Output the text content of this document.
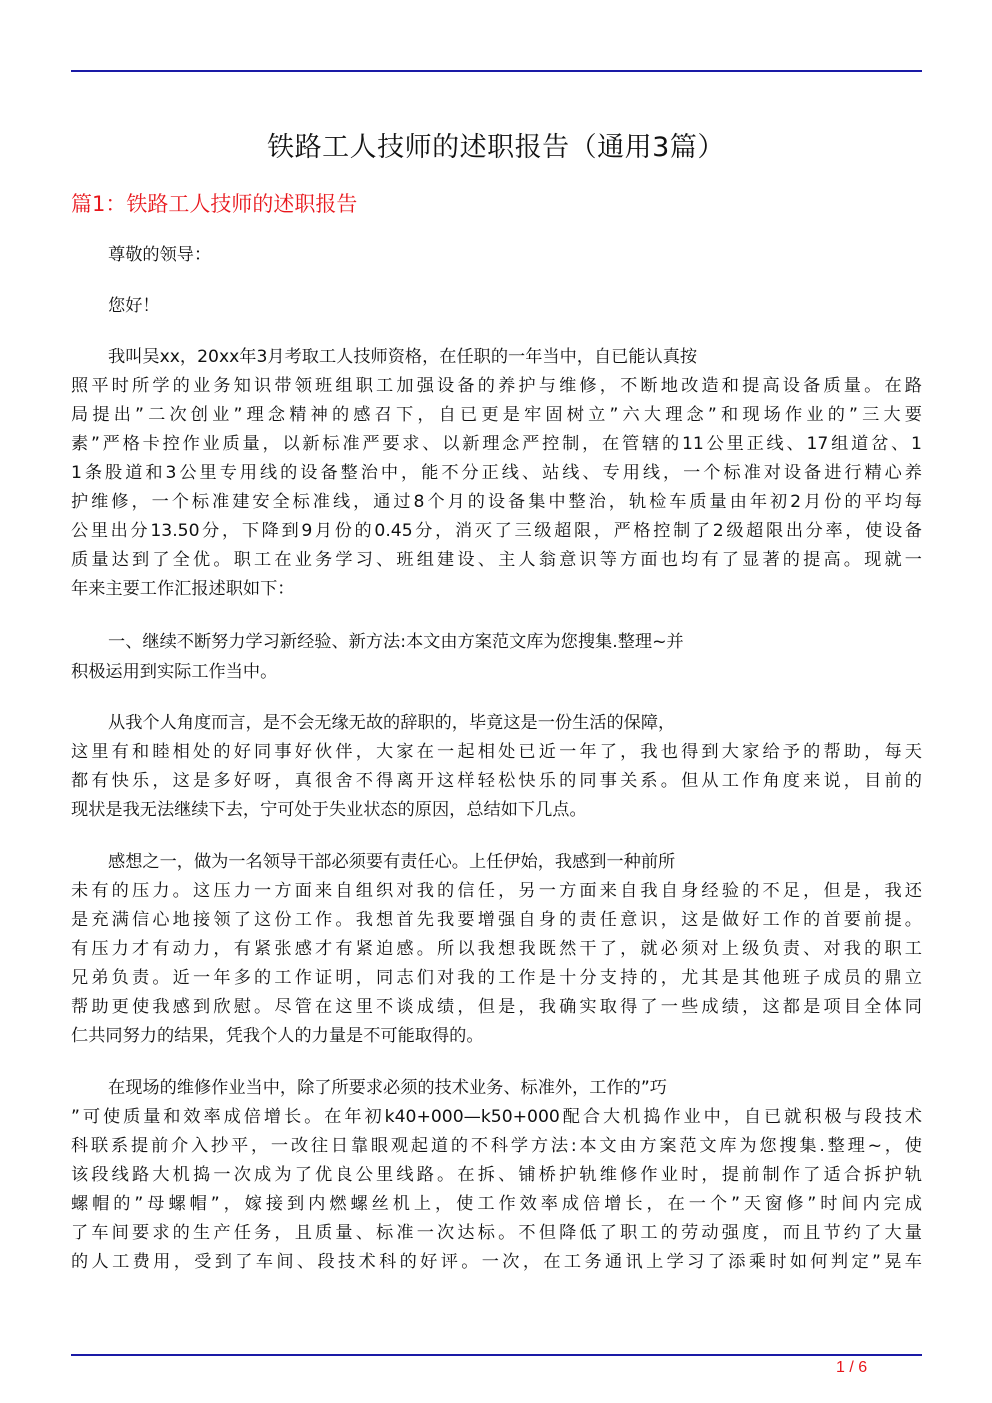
铁路工人技师的述职报告（通用3篇）
篇1：铁路工人技师的述职报告
尊敬的领导：
您好！
我叫吴xx，20xx年3月考取工人技师资格，在任职的一年当中，自已能认真按
照平时所学的业务知识带领班组职工加强设备的养护与维修，不断地改造和提高设备质量。在路
局提出”二次创业”理念精神的感召下，自已更是牢固树立”六大理念”和现场作业的”三大要
素”严格卡控作业质量，以新标准严要求、以新理念严控制，在管辖的11公里正线、17组道岔、1
1条股道和3公里专用线的设备整治中，能不分正线、站线、专用线，一个标准对设备进行精心养
护维修，一个标准建安全标准线，通过8个月的设备集中整治，轨检车质量由年初2月份的平均每
公里出分13.50分，下降到9月份的0.45分，消灭了三级超限，严格控制了2级超限出分率，使设备
质量达到了全优。职工在业务学习、班组建设、主人翁意识等方面也均有了显著的提高。现就一
年来主要工作汇报述职如下：
一、继续不断努力学习新经验、新方法:本文由方案范文库为您搜集.整理~并
积极运用到实际工作当中。
从我个人角度而言，是不会无缘无故的辞职的，毕竟这是一份生活的保障，
这里有和睦相处的好同事好伙伴，大家在一起相处已近一年了，我也得到大家给予的帮助，每天
都有快乐，这是多好呀，真很舍不得离开这样轻松快乐的同事关系。但从工作角度来说，目前的
现状是我无法继续下去，宁可处于失业状态的原因，总结如下几点。
感想之一，做为一名领导干部必须要有责任心。上任伊始，我感到一种前所
未有的压力。这压力一方面来自组织对我的信任，另一方面来自我自身经验的不足，但是，我还
是充满信心地接领了这份工作。我想首先我要增强自身的责任意识，这是做好工作的首要前提。
有压力才有动力，有紧张感才有紧迫感。所以我想我既然干了，就必须对上级负责、对我的职工
兄弟负责。近一年多的工作证明，同志们对我的工作是十分支持的，尤其是其他班子成员的鼎立
帮助更使我感到欣慰。尽管在这里不谈成绩，但是，我确实取得了一些成绩，这都是项目全体同
仁共同努力的结果，凭我个人的力量是不可能取得的。
在现场的维修作业当中，除了所要求必须的技术业务、标准外，工作的”巧
”可使质量和效率成倍增长。在年初k40+000—k50+000配合大机捣作业中，自已就积极与段技术
科联系提前介入抄平，一改往日靠眼观起道的不科学方法:本文由方案范文库为您搜集.整理~，使
该段线路大机捣一次成为了优良公里线路。在拆、铺桥护轨维修作业时，提前制作了适合拆护轨
螺帽的”母螺帽”，嫁接到内燃螺丝机上，使工作效率成倍增长，在一个”天窗修”时间内完成
了车间要求的生产任务，且质量、标准一次达标。不但降低了职工的劳动强度，而且节约了大量
的人工费用，受到了车间、段技术科的好评。一次，在工务通讯上学习了添乘时如何判定”晃车
1 / 6
